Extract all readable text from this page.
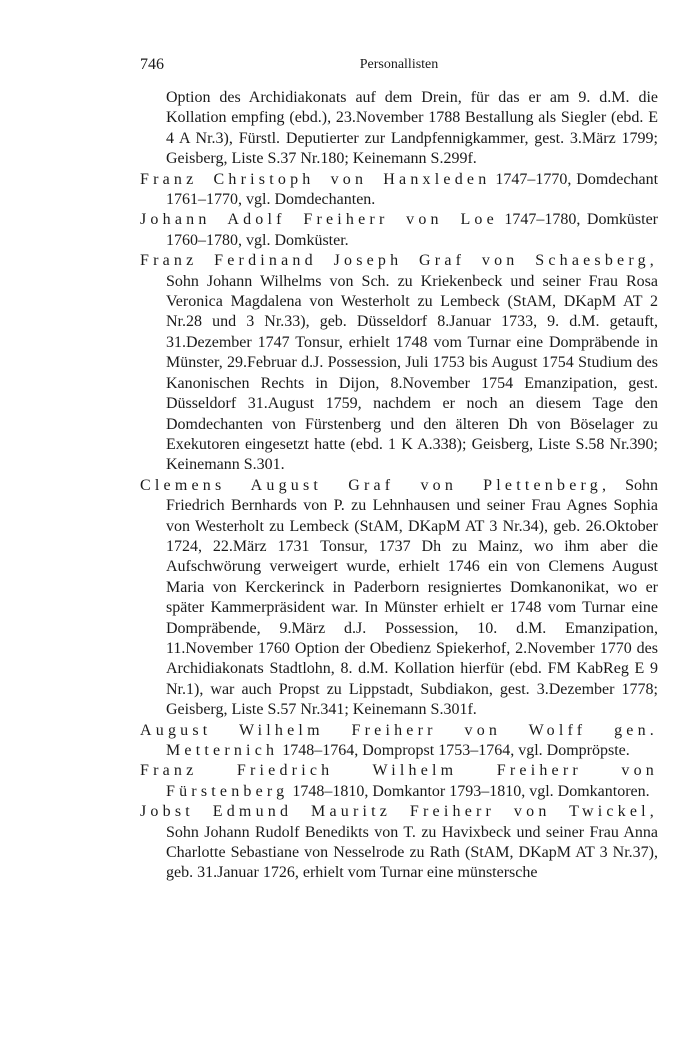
746	Personallisten

Option des Archidiakonats auf dem Drein, für das er am 9. d.M. die Kollation empfing (ebd.), 23.November 1788 Bestallung als Siegler (ebd. E 4 A Nr.3), Fürstl. Deputierter zur Landpfennigkammer, gest. 3.März 1799; Geisberg, Liste S.37 Nr.180; Keinemann S.299f.

Franz Christoph von Hanxleden 1747–1770, Domdechant 1761–1770, vgl. Domdechanten.

Johann Adolf Freiherr von Loe 1747–1780, Domküster 1760–1780, vgl. Domküster.

Franz Ferdinand Joseph Graf von Schaesberg, Sohn Johann Wilhelms von Sch. zu Kriekenbeck und seiner Frau Rosa Veronica Magdalena von Westerholt zu Lembeck (StAM, DKapM AT 2 Nr.28 und 3 Nr.33), geb. Düsseldorf 8.Januar 1733, 9. d.M. getauft, 31.Dezember 1747 Tonsur, erhielt 1748 vom Turnar eine Dompräbende in Münster, 29.Februar d.J. Possession, Juli 1753 bis August 1754 Studium des Kanonischen Rechts in Dijon, 8.November 1754 Emanzipation, gest. Düsseldorf 31.August 1759, nachdem er noch an diesem Tage den Domdechanten von Fürstenberg und den älteren Dh von Böselager zu Exekutoren eingesetzt hatte (ebd. 1 K A.338); Geisberg, Liste S.58 Nr.390; Keinemann S.301.

Clemens August Graf von Plettenberg, Sohn Friedrich Bernhards von P. zu Lehnhausen und seiner Frau Agnes Sophia von Westerholt zu Lembeck (StAM, DKapM AT 3 Nr.34), geb. 26.Oktober 1724, 22.März 1731 Tonsur, 1737 Dh zu Mainz, wo ihm aber die Aufschwörung verweigert wurde, erhielt 1746 ein von Clemens August Maria von Kerckerinck in Paderborn resigniertes Domkanonikat, wo er später Kammerpräsident war. In Münster erhielt er 1748 vom Turnar eine Dompräbende, 9.März d.J. Possession, 10. d.M. Emanzipation, 11.November 1760 Option der Obedienz Spiekerhof, 2.November 1770 des Archidiakonats Stadtlohn, 8. d.M. Kollation hierfür (ebd. FM KabReg E 9 Nr.1), war auch Propst zu Lippstadt, Subdiakon, gest. 3.Dezember 1778; Geisberg, Liste S.57 Nr.341; Keinemann S.301f.

August Wilhelm Freiherr von Wolff gen. Metternich 1748–1764, Dompropst 1753–1764, vgl. Dompröpste.

Franz Friedrich Wilhelm Freiherr von Fürstenberg 1748–1810, Domkantor 1793–1810, vgl. Domkantoren.

Jobst Edmund Mauritz Freiherr von Twickel, Sohn Johann Rudolf Benedikts von T. zu Havixbeck und seiner Frau Anna Charlotte Sebastiane von Nesselrode zu Rath (StAM, DKapM AT 3 Nr.37), geb. 31.Januar 1726, erhielt vom Turnar eine münstersche
